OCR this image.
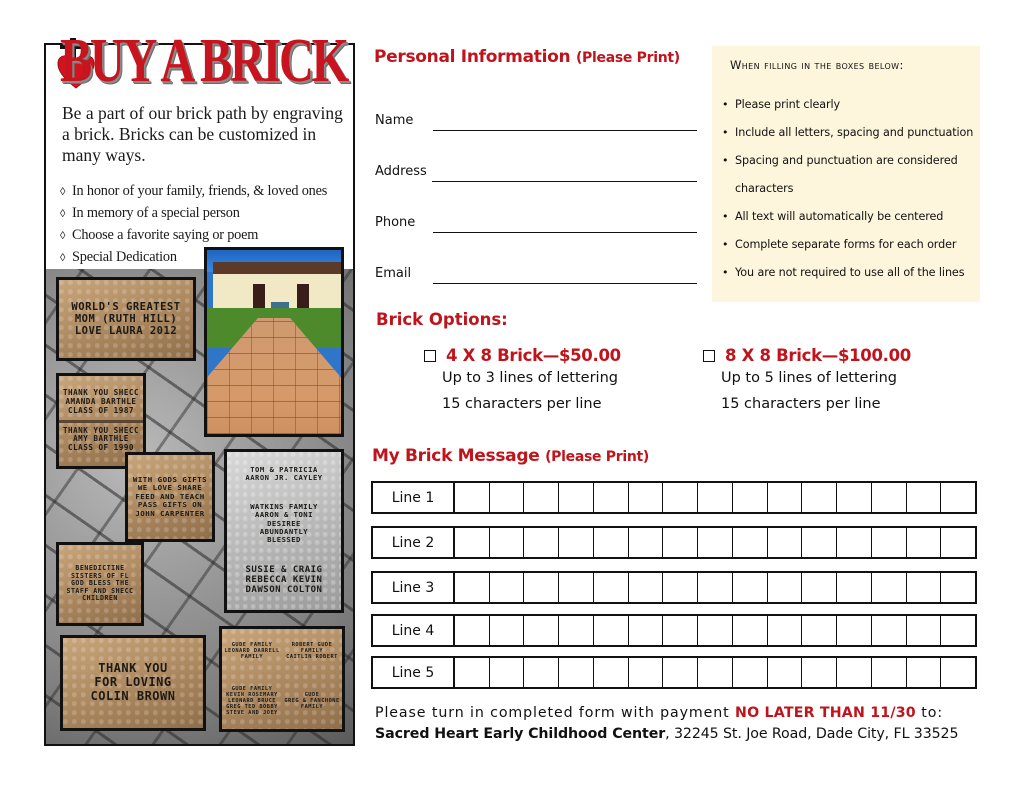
Be a part of our brick path by engraving a brick. Bricks can be customized in many ways.
◊ In honor of your family, friends, & loved ones
◊ In memory of a special person
◊ Choose a favorite saying or poem
◊ Special Dedication
WORLD'S GREATEST
MOM (RUTH HILL)
LOVE LAURA 2012
THANK YOU SHECC
AMANDA BARTHLE
CLASS OF 1987
THANK YOU SHECC
AMY BARTHLE
CLASS OF 1990
WITH GODS GIFTS
WE LOVE SHARE
FEED AND TEACH
PASS GIFTS ON
JOHN CARPENTER
BENEDICTINE
SISTERS OF FL
GOD BLESS THE
STAFF AND SHECC
CHILDREN
TOM & PATRICIA
AARON JR. CAYLEY
WATKINS FAMILY
AARON & TONI
DESIREE
ABUNDANTLY
BLESSED
SUSIE & CRAIG
REBECCA KEVIN
DAWSON COLTON
THANK YOU
FOR LOVING
COLIN BROWN
GUDE FAMILY
LEONARD DARRELL
FAMILY
ROBERT GUDE
FAMILY
CAITLIN ROBERT
GUDE FAMILY
KEVIN ROSEMARY
LEONARD BRUCE
GREG TED BOBBY
STEVE AND JOEY
GUDE
GREG & FANCHONE
FAMILY
BUY A BRICK Personal Information (Please Print)
Name
Address
Phone
Email
When filling in the boxes below:
• Please print clearly
• Include all letters, spacing and punctuation
• Spacing and punctuation are considered
characters
• All text will automatically be centered
• Complete separate forms for each order
• You are not required to use all of the lines
Brick Options:
4 X 8 Brick—$50.00
Up to 3 lines of lettering
15 characters per line
8 X 8 Brick—$100.00
Up to 5 lines of lettering
15 characters per line
My Brick Message (Please Print)
Line 1
Line 2
Line 3
Line 4
Line 5
Please turn in completed form with payment NO LATER THAN 11/30 to:
Sacred Heart Early Childhood Center, 32245 St. Joe Road, Dade City, FL 33525
